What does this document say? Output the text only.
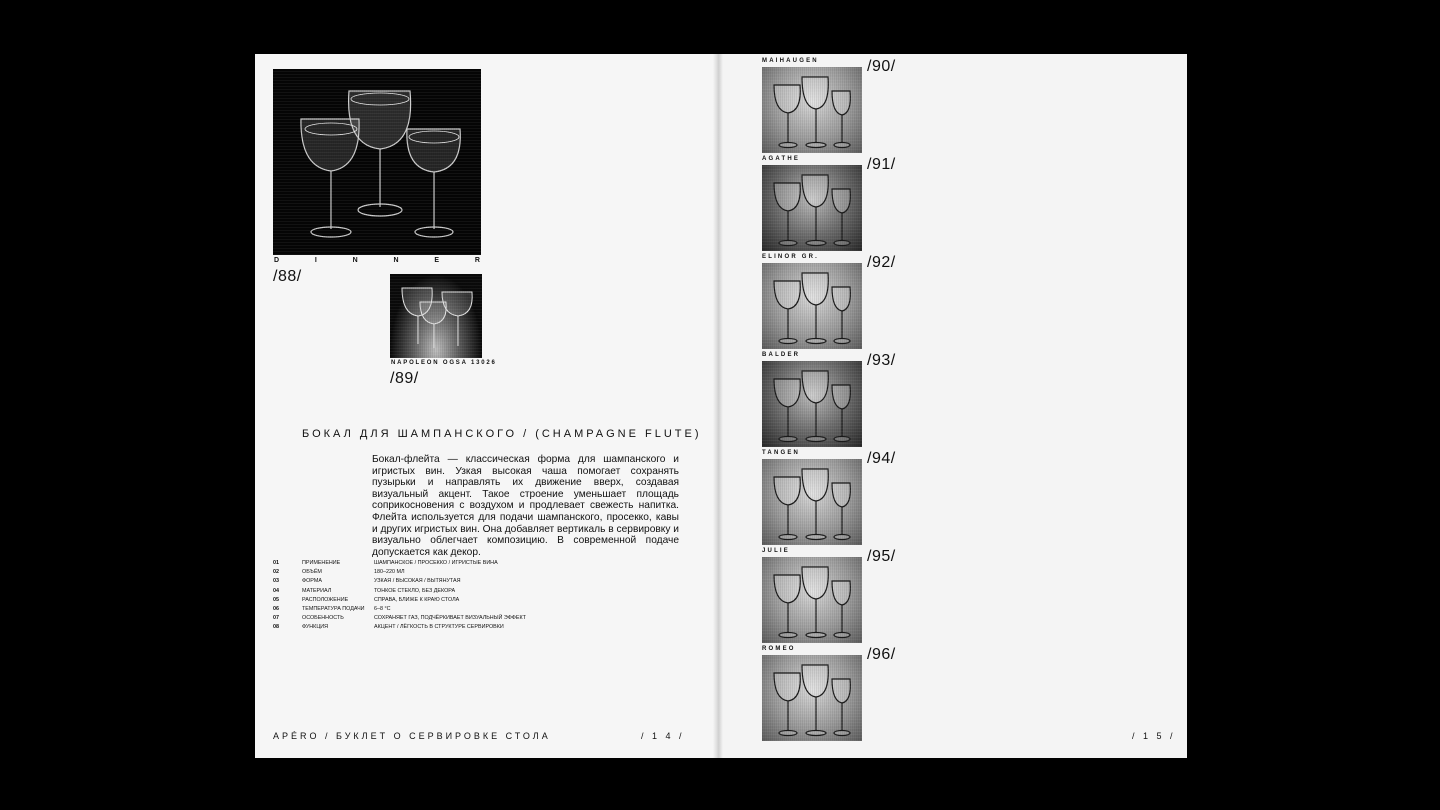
D	I	N	N	E	R
/88/
NAPOLEON OGSA 13026
/89/
БОКАЛ ДЛЯ ШАМПАНСКОГО / (CHAMPAGNE FLUTE)
Бокал-флейта — классическая форма для шампанского и игристых вин. Узкая высокая чаша помогает сохранять пузырьки и направлять их движение вверх, создавая визуальный акцент. Такое строение уменьшает площадь соприкосновения с воздухом и продлевает свежесть напитка. Флейта используется для подачи шампанского, просекко, кавы и других игристых вин. Она добавляет вертикаль в сервировку и визуально облегчает композицию. В современной подаче допускается как декор.
01	ПРИМЕНЕНИЕ	ШАМПАНСКОЕ / ПРОСЕККО / ИГРИСТЫЕ ВИНА
02	ОБЪЁМ	180–220 МЛ
03	ФОРМА	УЗКАЯ / ВЫСОКАЯ / ВЫТЯНУТАЯ
04	МАТЕРИАЛ	ТОНКОЕ СТЕКЛО, БЕЗ ДЕКОРА
05	РАСПОЛОЖЕНИЕ	СПРАВА, БЛИЖЕ К КРАЮ СТОЛА
06	ТЕМПЕРАТУРА ПОДАЧИ	6–8 °C
07	ОСОБЕННОСТЬ	СОХРАНЯЕТ ГАЗ, ПОДЧЁРКИВАЕТ ВИЗУАЛЬНЫЙ ЭФФЕКТ
08	ФУНКЦИЯ	АКЦЕНТ / ЛЁГКОСТЬ В СТРУКТУРЕ СЕРВИРОВКИ
APÉRO / БУКЛЕТ О СЕРВИРОВКЕ СТОЛА	/ 1 4 /
MAIHAUGEN	/90/
AGATHE	/91/
ELINOR GR.	/92/
BALDER	/93/
TANGEN	/94/
JULIE	/95/
ROMEO	/96/
/ 1 5 /
